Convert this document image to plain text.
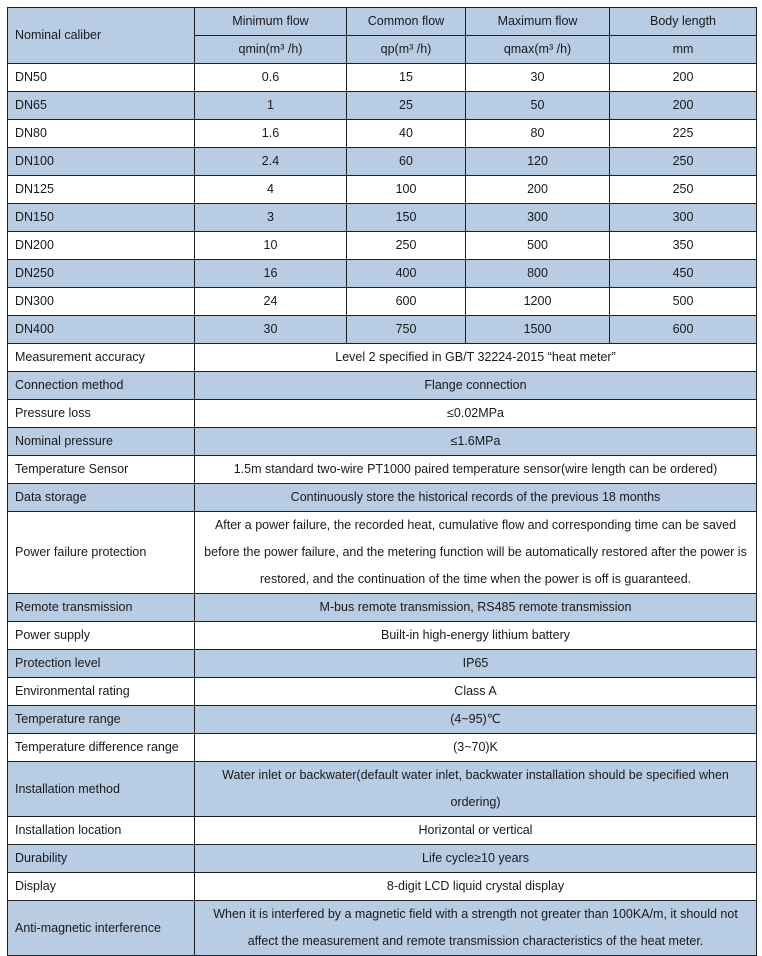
Nominal caliber	Minimum flow	Common flow	Maximum flow	Body length
	qmin(m³ /h)	qp(m³ /h)	qmax(m³ /h)	mm
DN50	0.6	15	30	200
DN65	1	25	50	200
DN80	1.6	40	80	225
DN100	2.4	60	120	250
DN125	4	100	200	250
DN150	3	150	300	300
DN200	10	250	500	350
DN250	16	400	800	450
DN300	24	600	1200	500
DN400	30	750	1500	600
Measurement accuracy	Level 2 specified in GB/T 32224-2015 “heat meter”			
Connection method	Flange connection			
Pressure loss	≤0.02MPa			
Nominal pressure	≤1.6MPa			
Temperature Sensor	1.5m standard two-wire PT1000 paired temperature sensor(wire length can be ordered)			
Data storage	Continuously store the historical records of the previous 18 months			
Power failure protection	After a power failure, the recorded heat, cumulative flow and corresponding time can be saved before the power failure, and the metering function will be automatically restored after the power is restored, and the continuation of the time when the power is off is guaranteed.			
Remote transmission	M-bus remote transmission, RS485 remote transmission			
Power supply	Built-in high-energy lithium battery			
Protection level	IP65			
Environmental rating	Class A			
Temperature range	(4~95)℃			
Temperature difference range	(3~70)K			
Installation method	Water inlet or backwater(default water inlet, backwater installation should be specified when ordering)			
Installation location	Horizontal or vertical			
Durability	Life cycle≥10 years			
Display	8-digit LCD liquid crystal display			
Anti-magnetic interference	When it is interfered by a magnetic field with a strength not greater than 100KA/m, it should not affect the measurement and remote transmission characteristics of the heat meter.			
